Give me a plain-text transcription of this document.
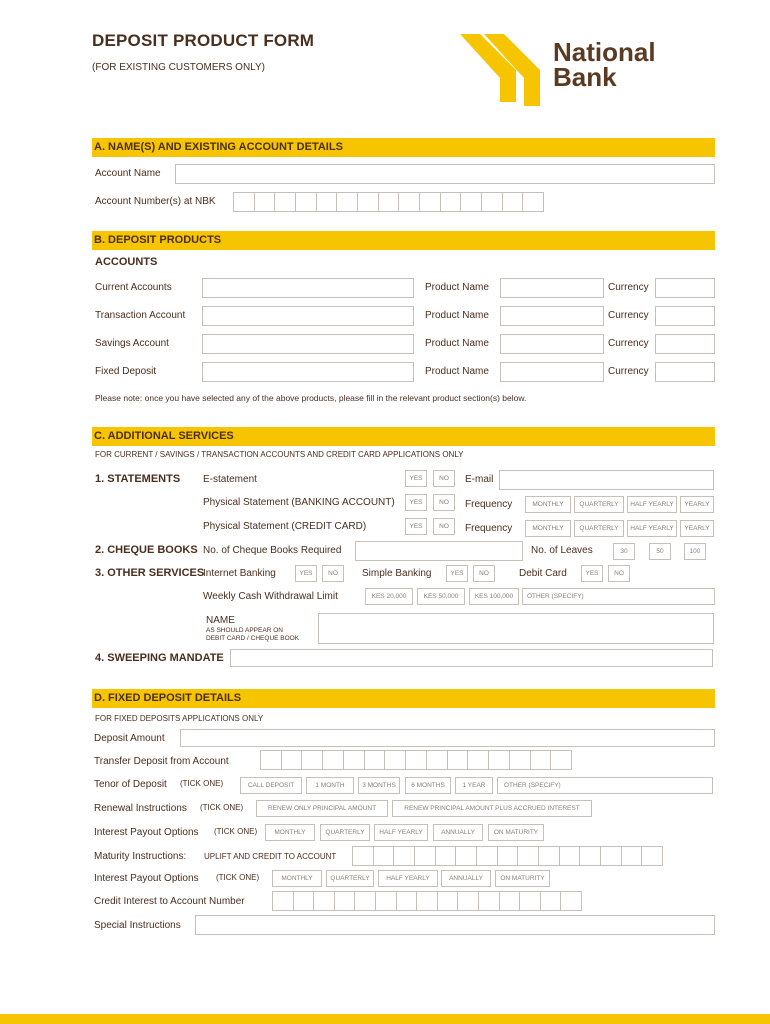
DEPOSIT PRODUCT FORM
(FOR EXISTING CUSTOMERS ONLY)
National
Bank
A. NAME(S) AND EXISTING ACCOUNT DETAILS
Account Name
Account Number(s) at NBK
B. DEPOSIT PRODUCTS
ACCOUNTS
Current Accounts	Product Name	Currency
Transaction Account	Product Name	Currency
Savings Account	Product Name	Currency
Fixed Deposit	Product Name	Currency
Please note: once you have selected any of the above products, please fill in the relevant product section(s) below.
C. ADDITIONAL SERVICES
FOR CURRENT / SAVINGS / TRANSACTION ACCOUNTS AND CREDIT CARD APPLICATIONS ONLY
1. STATEMENTS E-statement	YES	NO	E-mail
Physical Statement (BANKING ACCOUNT)	YES	NO	Frequency	MONTHLY	QUARTERLY	HALF YEARLY	YEARLY
Physical Statement (CREDIT CARD)	YES	NO	Frequency	MONTHLY	QUARTERLY	HALF YEARLY	YEARLY
2. CHEQUE BOOKS No. of Cheque Books Required	No. of Leaves	30	50	100
3. OTHER SERVICES
Internet Banking	YES	NO	Simple Banking	YES	NO	Debit Card	YES	NO
Weekly Cash Withdrawal Limit	KES 20,000	KES 50,000	KES 100,000	OTHER (SPECIFY)
NAME
AS SHOULD APPEAR ON
DEBIT CARD / CHEQUE BOOK
4. SWEEPING MANDATE
D. FIXED DEPOSIT DETAILS
FOR FIXED DEPOSITS APPLICATIONS ONLY
Deposit Amount
Transfer Deposit from Account
Tenor of Deposit (TICK ONE)	CALL DEPOSIT	1 MONTH	3 MONTHS	6 MONTHS	1 YEAR	OTHER (SPECIFY)
Renewal Instructions (TICK ONE)	RENEW ONLY PRINCIPAL AMOUNT	RENEW PRINCIPAL AMOUNT PLUS ACCRUED INTEREST
Interest Payout Options (TICK ONE)	MONTHLY	QUARTERLY	HALF YEARLY	ANNUALLY	ON MATURITY
Maturity Instructions: UPLIFT AND CREDIT TO ACCOUNT
Interest Payout Options (TICK ONE)	MONTHLY	QUARTERLY	HALF YEARLY	ANNUALLY	ON MATURITY
Credit Interest to Account Number
Special Instructions
